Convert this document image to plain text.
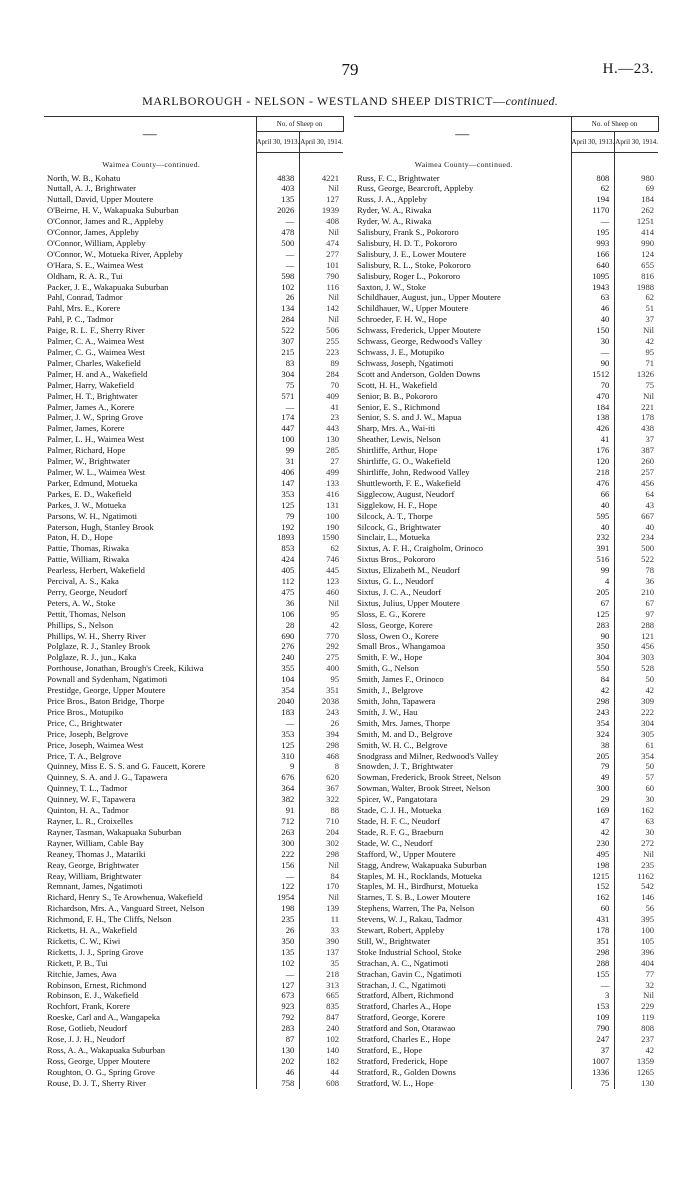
79	H.—23.
MARLBOROUGH - NELSON - WESTLAND SHEEP DISTRICT—continued.
—	No. of Sheep on	
	April 30, 1913.	April 30, 1914.
Waimea County—continued.		
North, W. B., Kohatu	4838	4221
Nuttall, A. J., Brightwater	403	Nil
Nuttall, David, Upper Moutere	135	127
O'Beirne, H. V., Wakapuaka Suburban	2026	1939
O'Connor, James and R., Appleby	—	408
O'Connor, James, Appleby	478	Nil
O'Connor, William, Appleby	500	474
O'Connor, W., Motueka River, Appleby	—	277
O'Hara, S. E., Waimea West	—	101
Oldham, R. A. R., Tui	598	790
Packer, J. E., Wakapuaka Suburban	102	116
Pahl, Conrad, Tadmor	26	Nil
Pahl, Mrs. E., Korere	134	142
Pahl, P. C., Tadmor	284	Nil
Paige, R. L. F., Sherry River	522	506
Palmer, C. A., Waimea West	307	255
Palmer, C. G., Waimea West	215	223
Palmer, Charles, Wakefield	83	89
Palmer, H. and A., Wakefield	304	284
Palmer, Harry, Wakefield	75	70
Palmer, H. T., Brightwater	571	409
Palmer, James A., Korere	—	41
Palmer, J. W., Spring Grove	174	23
Palmer, James, Korere	447	443
Palmer, L. H., Waimea West	100	130
Palmer, Richard, Hope	99	285
Palmer, W., Brightwater	31	27
Palmer, W. L., Waimea West	406	499
Parker, Edmund, Motueka	147	133
Parkes, E. D., Wakefield	353	416
Parkes, J. W., Motueka	125	131
Parsons, W. H., Ngatimoti	79	100
Paterson, Hugh, Stanley Brook	192	190
Paton, H. D., Hope	1893	1590
Pattie, Thomas, Riwaka	853	62
Pattie, William, Riwaka	424	746
Pearless, Herbert, Wakefield	405	445
Percival, A. S., Kaka	112	123
Perry, George, Neudorf	475	460
Peters, A. W., Stoke	36	Nil
Pettit, Thomas, Nelson	106	95
Phillips, S., Nelson	28	42
Phillips, W. H., Sherry River	690	770
Polglaze, R. J., Stanley Brook	276	292
Polglaze, R. J., jun., Kaka	240	275
Porthouse, Jonathan, Brough's Creek, Kikiwa	355	400
Pownall and Sydenham, Ngatimoti	104	95
Prestidge, George, Upper Moutere	354	351
Price Bros., Baton Bridge, Thorpe	2040	2038
Price Bros., Motupiko	183	243
Price, C., Brightwater	—	26
Price, Joseph, Belgrove	353	394
Price, Joseph, Waimea West	125	298
Price, T. A., Belgrove	310	468
Quinney, Miss E. S. S. and G. Faucett, Korere	9	8
Quinney, S. A. and J. G., Tapawera	676	620
Quinney, T. L., Tadmor	364	367
Quinney, W. F., Tapawera	382	322
Quinton, H. A., Tadmor	91	88
Rayner, L. R., Croixelles	712	710
Rayner, Tasman, Wakapuaka Suburban	263	204
Rayner, William, Cable Bay	300	302
Reaney, Thomas J., Matariki	222	298
Reay, George, Brightwater	156	Nil
Reay, William, Brightwater	—	84
Remnant, James, Ngatimoti	122	170
Richard, Henry S., Te Arowhenua, Wakefield	1954	Nil
Richardson, Mrs. A., Vanguard Street, Nelson	198	139
Richmond, F. H., The Cliffs, Nelson	235	11
Ricketts, H. A., Wakefield	26	33
Ricketts, C. W., Kiwi	350	390
Ricketts, J. J., Spring Grove	135	137
Rickett, P. B., Tui	102	35
Ritchie, James, Awa	—	218
Robinson, Ernest, Richmond	127	313
Robinson, E. J., Wakefield	673	665
Rochfort, Frank, Korere	923	835
Roeske, Carl and A., Wangapeka	792	847
Rose, Gotlieb, Neudorf	283	240
Rose, J. J. H., Neudorf	87	102
Ross, A. A., Wakapuaka Suburban	130	140
Ross, George, Upper Moutere	202	182
Roughton, O. G., Spring Grove	46	44
Rouse, D. J. T., Sherry River	758	608
—	No. of Sheep on	
	April 30, 1913.	April 30, 1914.
Waimea County—continued.		
Russ, F. C., Brightwater	808	980
Russ, George, Bearcroft, Appleby	62	69
Russ, J. A., Appleby	194	184
Ryder, W. A., Riwaka	1170	262
Ryder, W. A., Riwaka	—	1251
Salisbury, Frank S., Pokororo	195	414
Salisbury, H. D. T., Pokororo	993	990
Salisbury, J. E., Lower Moutere	166	124
Salisbury, R. L., Stoke, Pokororo	640	655
Salisbury, Roger L., Pokororo	1095	816
Saxton, J. W., Stoke	1943	1988
Schildhauer, August, jun., Upper Moutere	63	62
Schildhauer, W., Upper Moutere	46	51
Schroeder, F. H. W., Hope	40	37
Schwass, Frederick, Upper Moutere	150	Nil
Schwass, George, Redwood's Valley	30	42
Schwass, J. E., Motupiko	—	95
Schwass, Joseph, Ngatimoti	90	71
Scott and Anderson, Golden Downs	1512	1326
Scott, H. H., Wakefield	70	75
Senior, B. B., Pokororo	470	Nil
Senior, E. S., Richmond	184	221
Senior, S. S. and J. W., Mapua	138	178
Sharp, Mrs. A., Wai-iti	426	438
Sheather, Lewis, Nelson	41	37
Shirtliffe, Arthur, Hope	176	387
Shirtliffe, G. O., Wakefield	120	260
Shirtliffe, John, Redwood Valley	218	257
Shuttleworth, F. E., Wakefield	476	456
Sigglecow, August, Neudorf	66	64
Sigglekow, H. F., Hope	40	43
Silcock, A. T., Thorpe	595	667
Silcock, G., Brightwater	40	40
Sinclair, L., Motueka	232	234
Sixtus, A. F. H., Craigholm, Orinoco	391	500
Sixtus Bros., Pokororo	516	522
Sixtus, Elizabeth M., Neudorf	99	78
Sixtus, G. L., Neudorf	4	36
Sixtus, J. C. A., Neudorf	205	210
Sixtus, Julius, Upper Moutere	67	67
Sloss, E. G., Korere	125	97
Sloss, George, Korere	283	288
Sloss, Owen O., Korere	90	121
Small Bros., Whangamoa	350	456
Smith, F. W., Hope	304	303
Smith, G., Nelson	550	528
Smith, James F., Orinoco	84	50
Smith, J., Belgrove	42	42
Smith, John, Tapawera	298	309
Smith, J. W., Hau	243	222
Smith, Mrs. James, Thorpe	354	304
Smith, M. and D., Belgrove	324	305
Smith, W. H. C., Belgrove	38	61
Snodgrass and Milner, Redwood's Valley	205	354
Snowden, J. T., Brightwater	79	50
Sowman, Frederick, Brook Street, Nelson	49	57
Sowman, Walter, Brook Street, Nelson	300	60
Spicer, W., Pangatotara	29	30
Stade, C. J. H., Motueka	169	162
Stade, H. F. C., Neudorf	47	63
Stade, R. F. G., Braeburn	42	30
Stade, W. C., Neudorf	230	272
Stafford, W., Upper Moutere	495	Nil
Stagg, Andrew, Wakapuaka Suburban	198	235
Staples, M. H., Rocklands, Motueka	1215	1162
Staples, M. H., Birdhurst, Motueka	152	542
Starnes, T. S. B., Lower Moutere	162	146
Stephens, Warren, The Pa, Nelson	60	56
Stevens, W. J., Rakau, Tadmor	431	395
Stewart, Robert, Appleby	178	100
Still, W., Brightwater	351	105
Stoke Industrial School, Stoke	298	396
Strachan, A. C., Ngatimoti	288	404
Strachan, Gavin C., Ngatimoti	155	77
Strachan, J. C., Ngatimoti	—	32
Stratford, Albert, Richmond	3	Nil
Stratford, Charles A., Hope	153	229
Stratford, George, Korere	109	119
Stratford and Son, Otarawao	790	808
Stratford, Charles E., Hope	247	237
Stratford, E., Hope	37	42
Stratford, Frederick, Hope	1007	1359
Stratford, R., Golden Downs	1336	1265
Stratford, W. L., Hope	75	130
